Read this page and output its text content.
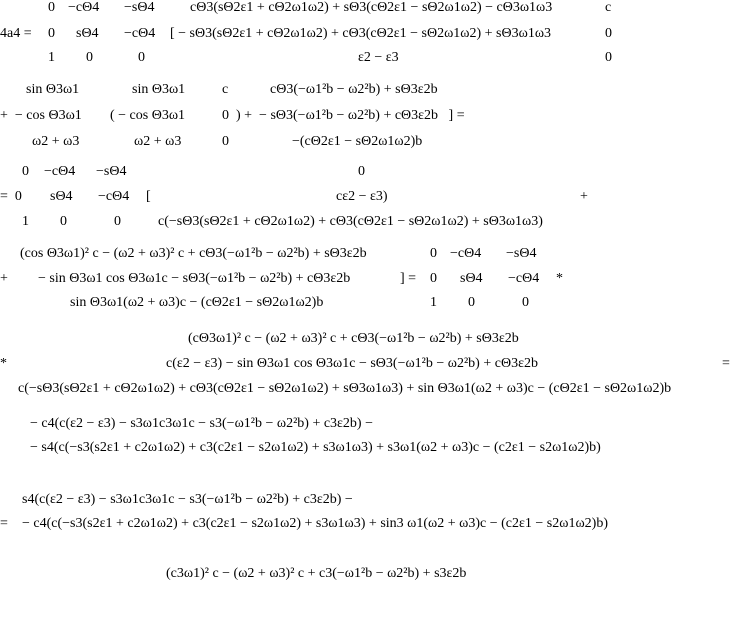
0 −cΘ4 −sΘ4	cΘ3(sΘ2ε1 + cΘ2ω1ω2) + sΘ3(cΘ2ε1 − sΘ2ω1ω2) − cΘ3ω1ω3	c
4a4 = 0 sΘ4 −cΘ4 [ − sΘ3(sΘ2ε1 + cΘ2ω1ω2) + cΘ3(cΘ2ε1 − sΘ2ω1ω2) + sΘ3ω1ω3	0
1 0	0	ε2 − ε3	0
sin Θ3ω1	sin Θ3ω1	c	cΘ3(−ω1²b − ω2²b) + sΘ3ε2b
+  − cos Θ3ω1 ( − cos Θ3ω1	0  ) +  − sΘ3(−ω1²b − ω2²b) + cΘ3ε2b   ] =
ω2 + ω3	ω2 + ω3	0	−(cΘ2ε1 − sΘ2ω1ω2)b
0 −cΘ4 −sΘ4	0
=  0 sΘ4 −cΘ4 [	cε2 − ε3)	+
1 0	0	c(−sΘ3(sΘ2ε1 + cΘ2ω1ω2) + cΘ3(cΘ2ε1 − sΘ2ω1ω2) + sΘ3ω1ω3)
(cos Θ3ω1)² c − (ω2 + ω3)² c + cΘ3(−ω1²b − ω2²b) + sΘ3ε2b	0 −cΘ4 −sΘ4
+ − sin Θ3ω1 cos Θ3ω1c − sΘ3(−ω1²b − ω2²b) + cΘ3ε2b	] = 0 sΘ4 −cΘ4 *
sin Θ3ω1(ω2 + ω3)c − (cΘ2ε1 − sΘ2ω1ω2)b	1 0	0
(cΘ3ω1)² c − (ω2 + ω3)² c + cΘ3(−ω1²b − ω2²b) + sΘ3ε2b
*	c(ε2 − ε3) − sin Θ3ω1 cos Θ3ω1c − sΘ3(−ω1²b − ω2²b) + cΘ3ε2b	=
c(−sΘ3(sΘ2ε1 + cΘ2ω1ω2) + cΘ3(cΘ2ε1 − sΘ2ω1ω2) + sΘ3ω1ω3) + sin Θ3ω1(ω2 + ω3)c − (cΘ2ε1 − sΘ2ω1ω2)b
− c4(c(ε2 − ε3) − s3ω1c3ω1c − s3(−ω1²b − ω2²b) + c3ε2b) −
− s4(c(−s3(s2ε1 + c2ω1ω2) + c3(c2ε1 − s2ω1ω2) + s3ω1ω3) + s3ω1(ω2 + ω3)c − (c2ε1 − s2ω1ω2)b)
s4(c(ε2 − ε3) − s3ω1c3ω1c − s3(−ω1²b − ω2²b) + c3ε2b) −
= − c4(c(−s3(s2ε1 + c2ω1ω2) + c3(c2ε1 − s2ω1ω2) + s3ω1ω3) + sin3 ω1(ω2 + ω3)c − (c2ε1 − s2ω1ω2)b)
(c3ω1)² c − (ω2 + ω3)² c + c3(−ω1²b − ω2²b) + s3ε2b
